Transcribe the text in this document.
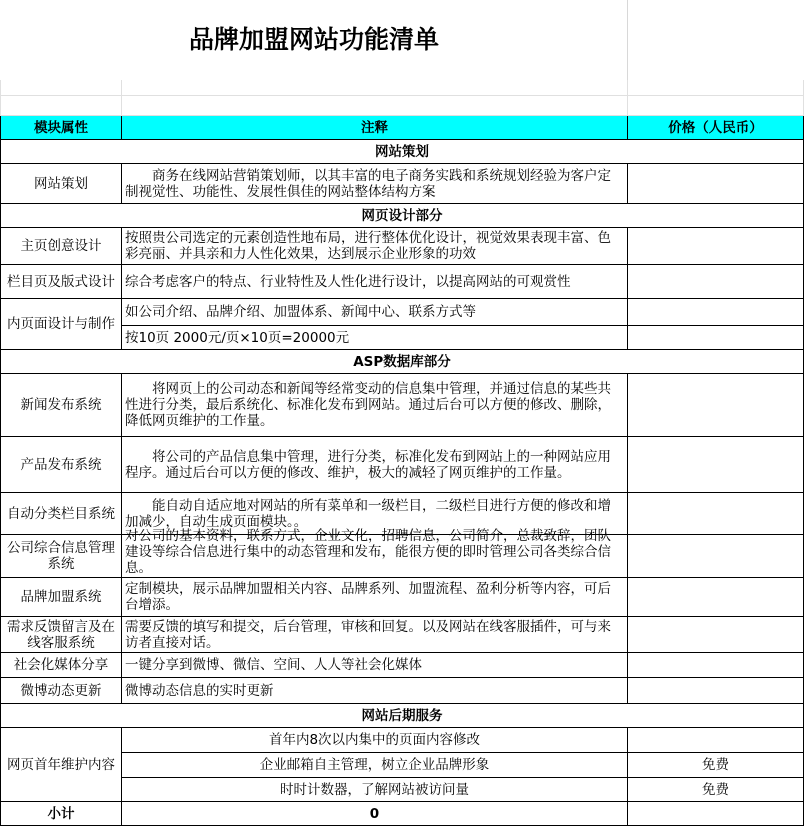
品牌加盟网站功能清单		

模块属性	注释	价格（人民币）
网站策划		
网站策划	商务在线网站营销策划师，以其丰富的电子商务实践和系统规划经验为客户定制视觉性、功能性、发展性俱佳的网站整体结构方案	
网页设计部分		
主页创意设计	按照贵公司选定的元素创造性地布局，进行整体优化设计，视觉效果表现丰富、色彩亮丽、并具亲和力人性化效果，达到展示企业形象的功效	
栏目页及版式设计	综合考虑客户的特点、行业特性及人性化进行设计，以提高网站的可观赏性	
内页面设计与制作	如公司介绍、品牌介绍、加盟体系、新闻中心、联系方式等	
	按10页 2000元/页×10页=20000元	
ASP数据库部分		
新闻发布系统	将网页上的公司动态和新闻等经常变动的信息集中管理，并通过信息的某些共性进行分类，最后系统化、标准化发布到网站。通过后台可以方便的修改、删除，降低网页维护的工作量。	
产品发布系统	将公司的产品信息集中管理，进行分类，标准化发布到网站上的一种网站应用程序。通过后台可以方便的修改、维护，极大的减轻了网页维护的工作量。	
自动分类栏目系统	能自动自适应地对网站的所有菜单和一级栏目，二级栏目进行方便的修改和增加减少，自动生成页面模块。。	
公司综合信息管理系统	对公司的基本资料，联系方式，企业文化，招聘信息，公司简介，总裁致辞，团队建设等综合信息进行集中的动态管理和发布，能很方便的即时管理公司各类综合信息。	

品牌加盟系统	定制模块，展示品牌加盟相关内容、品牌系列、加盟流程、盈利分析等内容，可后台增添。	
需求反馈留言及在线客服系统	需要反馈的填写和提交，后台管理，审核和回复。以及网站在线客服插件，可与来访者直接对话。	
社会化媒体分享	一键分享到微博、微信、空间、人人等社会化媒体	
微博动态更新	微博动态信息的实时更新	
网站后期服务		
网页首年维护内容	首年内8次以内集中的页面内容修改	
	企业邮箱自主管理，树立企业品牌形象	免费
	时时计数器，了解网站被访问量	免费
小计	0	
